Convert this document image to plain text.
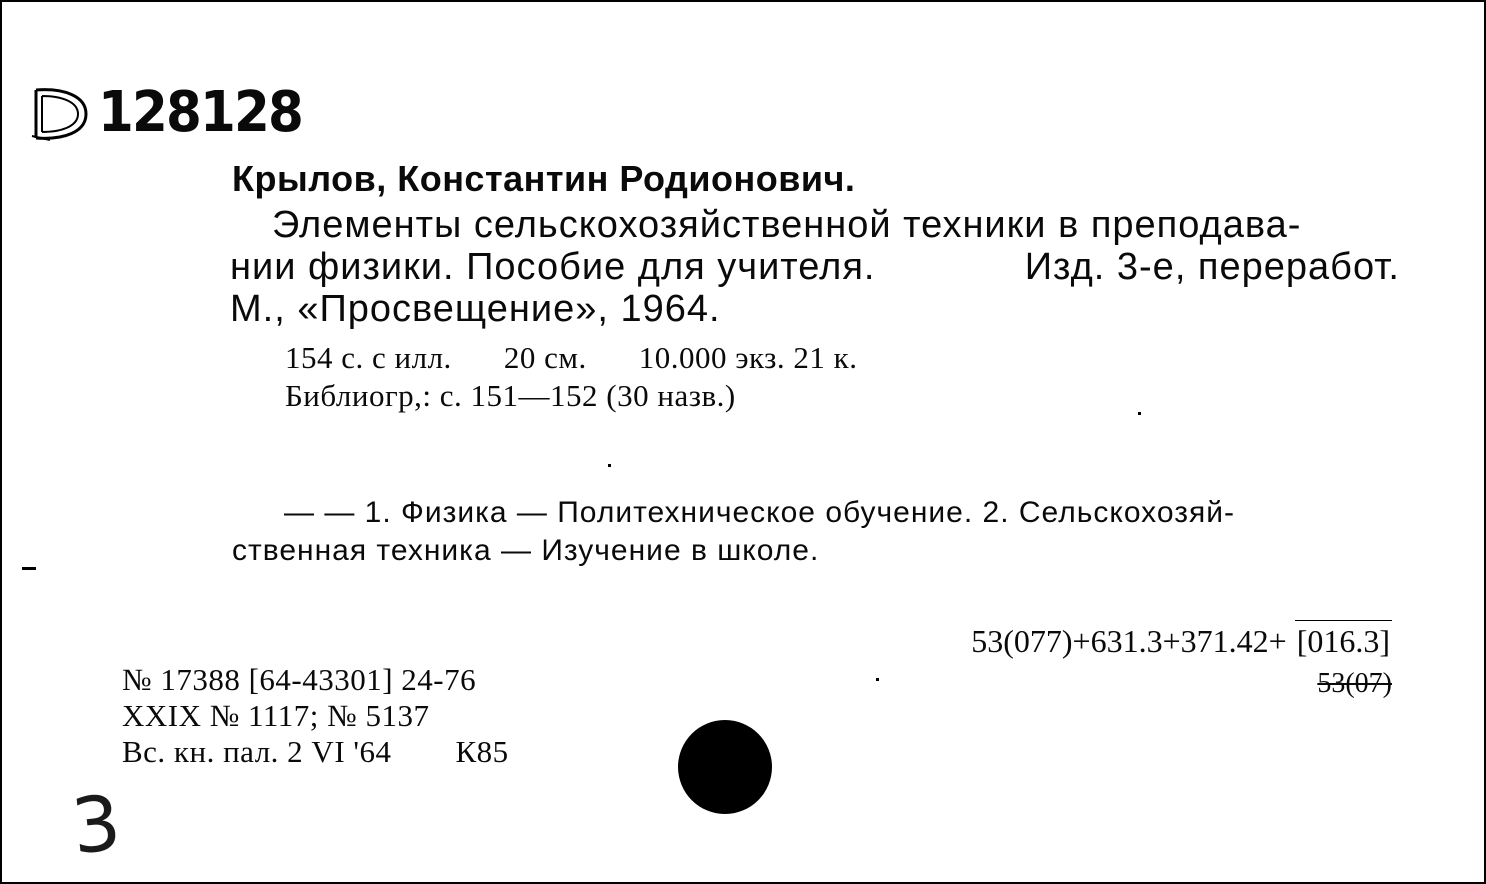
128128
Крылов, Константин Родионович.
Элементы сельскохозяйственной техники в преподава-
нии физики. Пособие для учителя.	Изд. 3-е, переработ.
М., «Просвещение», 1964.
154 с. с илл. 20 см. 10.000 экз. 21 к.
Библиогр,: с. 151—152 (30 назв.)
— — 1. Физика — Политехническое обучение. 2. Сельскохозяй-
ственная техника — Изучение в школе.
53(077)+631.3+371.42+ [016.3]
53(07)
№ 17388 [64-43301] 24-76
XXIX № 1117; № 5137
Вс. кн. пал. 2 VI '64 К85
3
